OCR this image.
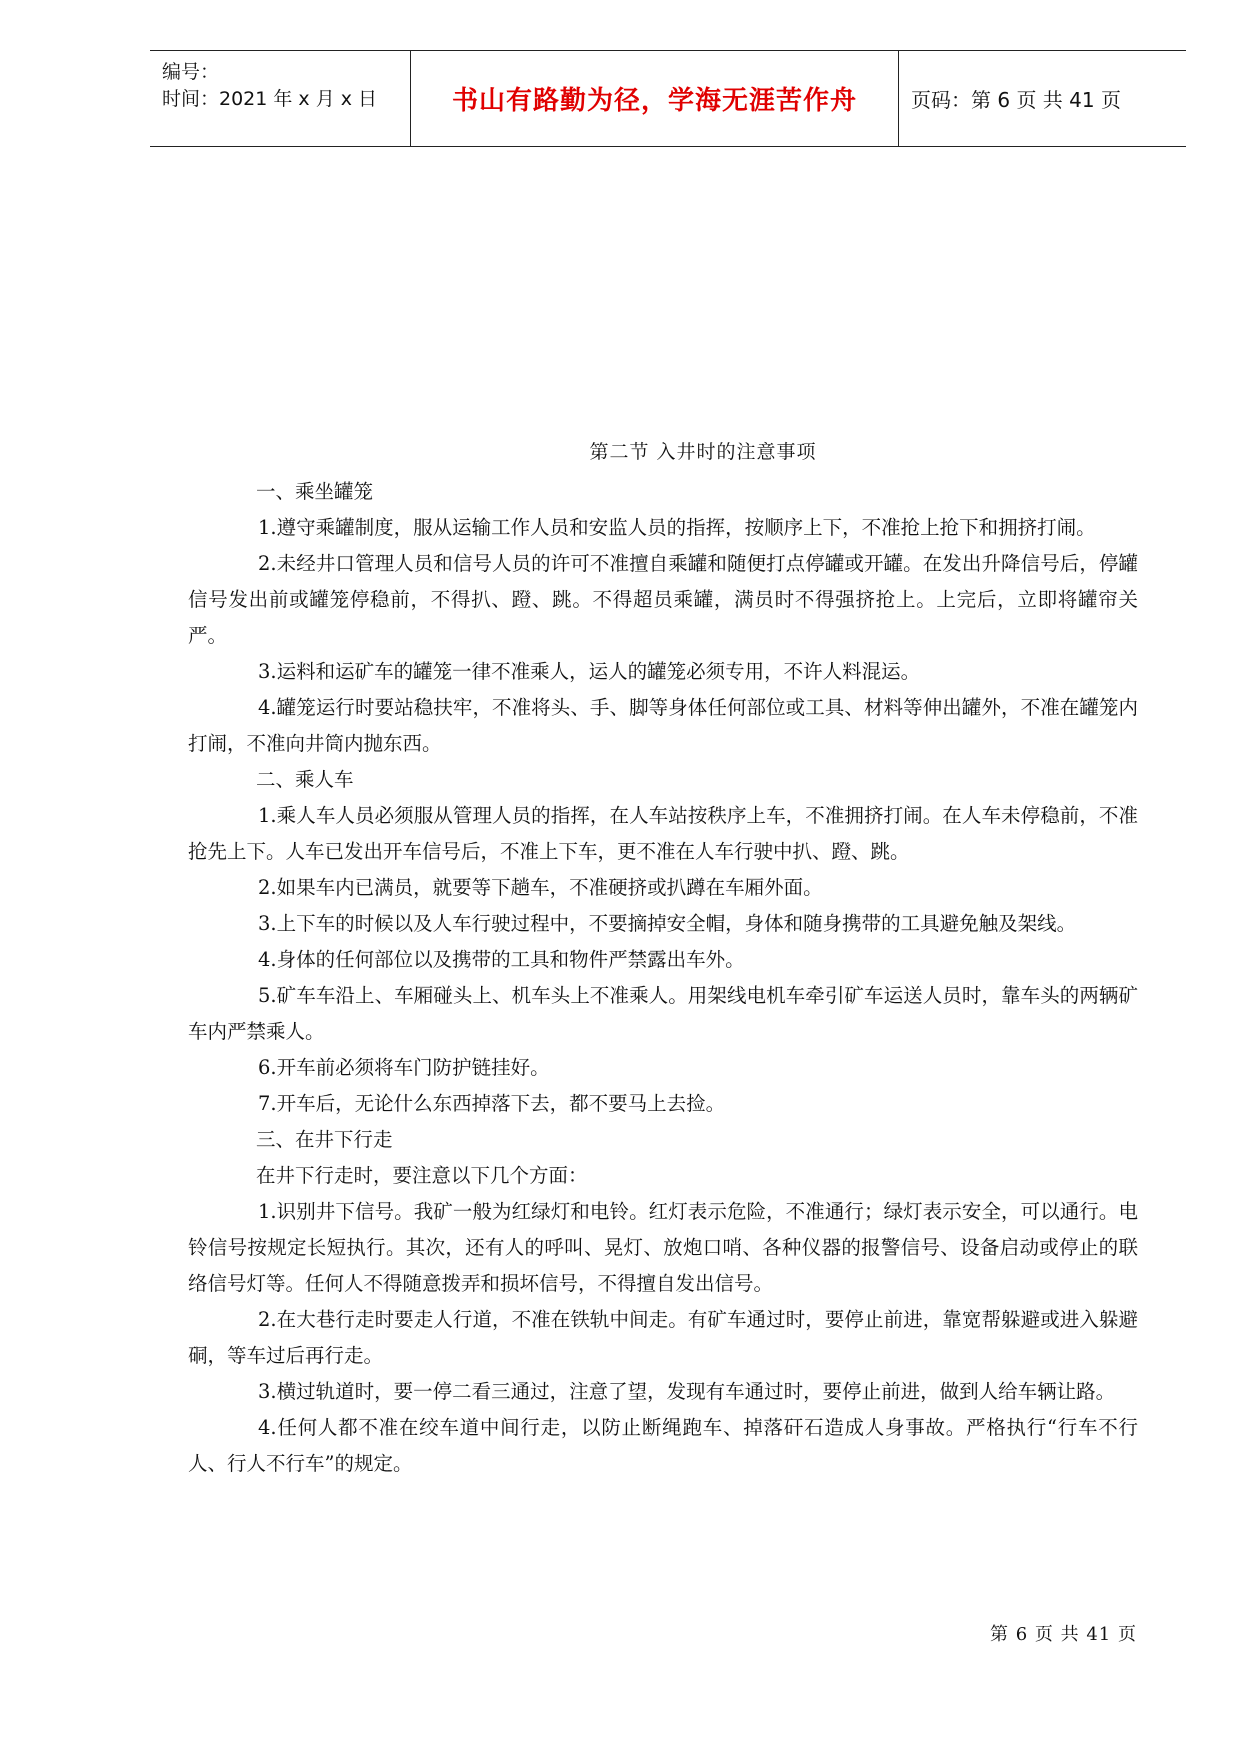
编号：
时间：2021 年 x 月 x 日	书山有路勤为径，学海无涯苦作舟	页码：第 6 页 共 41 页
第二节 入井时的注意事项

一、乘坐罐笼

1.遵守乘罐制度，服从运输工作人员和安监人员的指挥，按顺序上下，不准抢上抢下和拥挤打闹。

2.未经井口管理人员和信号人员的许可不准擅自乘罐和随便打点停罐或开罐。在发出升降信号后，停罐信号发出前或罐笼停稳前，不得扒、蹬、跳。不得超员乘罐，满员时不得强挤抢上。上完后，立即将罐帘关严。

3.运料和运矿车的罐笼一律不准乘人，运人的罐笼必须专用，不许人料混运。

4.罐笼运行时要站稳扶牢，不准将头、手、脚等身体任何部位或工具、材料等伸出罐外，不准在罐笼内打闹，不准向井筒内抛东西。

二、乘人车

1.乘人车人员必须服从管理人员的指挥，在人车站按秩序上车，不准拥挤打闹。在人车未停稳前，不准抢先上下。人车已发出开车信号后，不准上下车，更不准在人车行驶中扒、蹬、跳。

2.如果车内已满员，就要等下趟车，不准硬挤或扒蹲在车厢外面。

3.上下车的时候以及人车行驶过程中，不要摘掉安全帽，身体和随身携带的工具避免触及架线。

4.身体的任何部位以及携带的工具和物件严禁露出车外。

5.矿车车沿上、车厢碰头上、机车头上不准乘人。用架线电机车牵引矿车运送人员时，靠车头的两辆矿车内严禁乘人。

6.开车前必须将车门防护链挂好。

7.开车后，无论什么东西掉落下去，都不要马上去捡。

三、在井下行走

在井下行走时，要注意以下几个方面：

1.识别井下信号。我矿一般为红绿灯和电铃。红灯表示危险，不准通行；绿灯表示安全，可以通行。电铃信号按规定长短执行。其次，还有人的呼叫、晃灯、放炮口哨、各种仪器的报警信号、设备启动或停止的联络信号灯等。任何人不得随意拨弄和损坏信号，不得擅自发出信号。

2.在大巷行走时要走人行道，不准在铁轨中间走。有矿车通过时，要停止前进，靠宽帮躲避或进入躲避硐，等车过后再行走。

3.横过轨道时，要一停二看三通过，注意了望，发现有车通过时，要停止前进，做到人给车辆让路。

4.任何人都不准在绞车道中间行走，以防止断绳跑车、掉落矸石造成人身事故。严格执行“行车不行人、行人不行车”的规定。

第 6 页 共 41 页
